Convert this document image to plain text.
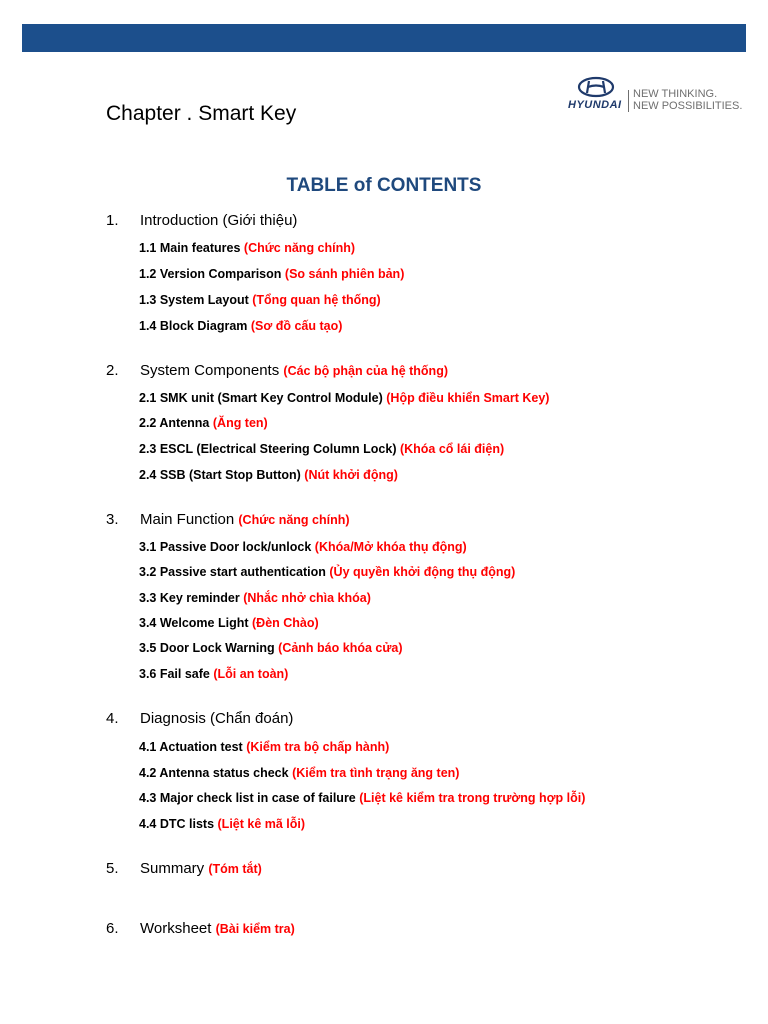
Chapter . Smart Key	HYUNDAI
NEW THINKING.
NEW POSSIBILITIES.
TABLE of CONTENTS
1. Introduction (Giới thiệu)
1.1 Main features (Chức năng chính)
1.2 Version Comparison (So sánh phiên bản)
1.3 System Layout (Tổng quan hệ thống)
1.4 Block Diagram (Sơ đồ cấu tạo)
2. System Components (Các bộ phận của hệ thống)
2.1 SMK unit (Smart Key Control Module) (Hộp điều khiển Smart Key)
2.2 Antenna (Ăng ten)
2.3 ESCL (Electrical Steering Column Lock) (Khóa cổ lái điện)
2.4 SSB (Start Stop Button) (Nút khởi động)
3. Main Function (Chức năng chính)
3.1 Passive Door lock/unlock (Khóa/Mở khóa thụ động)
3.2 Passive start authentication (Ủy quyền khởi động thụ động)
3.3 Key reminder (Nhắc nhở chìa khóa)
3.4 Welcome Light (Đèn Chào)
3.5 Door Lock Warning (Cảnh báo khóa cửa)
3.6 Fail safe (Lỗi an toàn)
4. Diagnosis (Chẩn đoán)
4.1 Actuation test (Kiểm tra bộ chấp hành)
4.2 Antenna status check (Kiểm tra tình trạng ăng ten)
4.3 Major check list in case of failure (Liệt kê kiểm tra trong trường hợp lỗi)
4.4 DTC lists (Liệt kê mã lỗi)
5. Summary (Tóm tắt)
6. Worksheet (Bài kiểm tra)
